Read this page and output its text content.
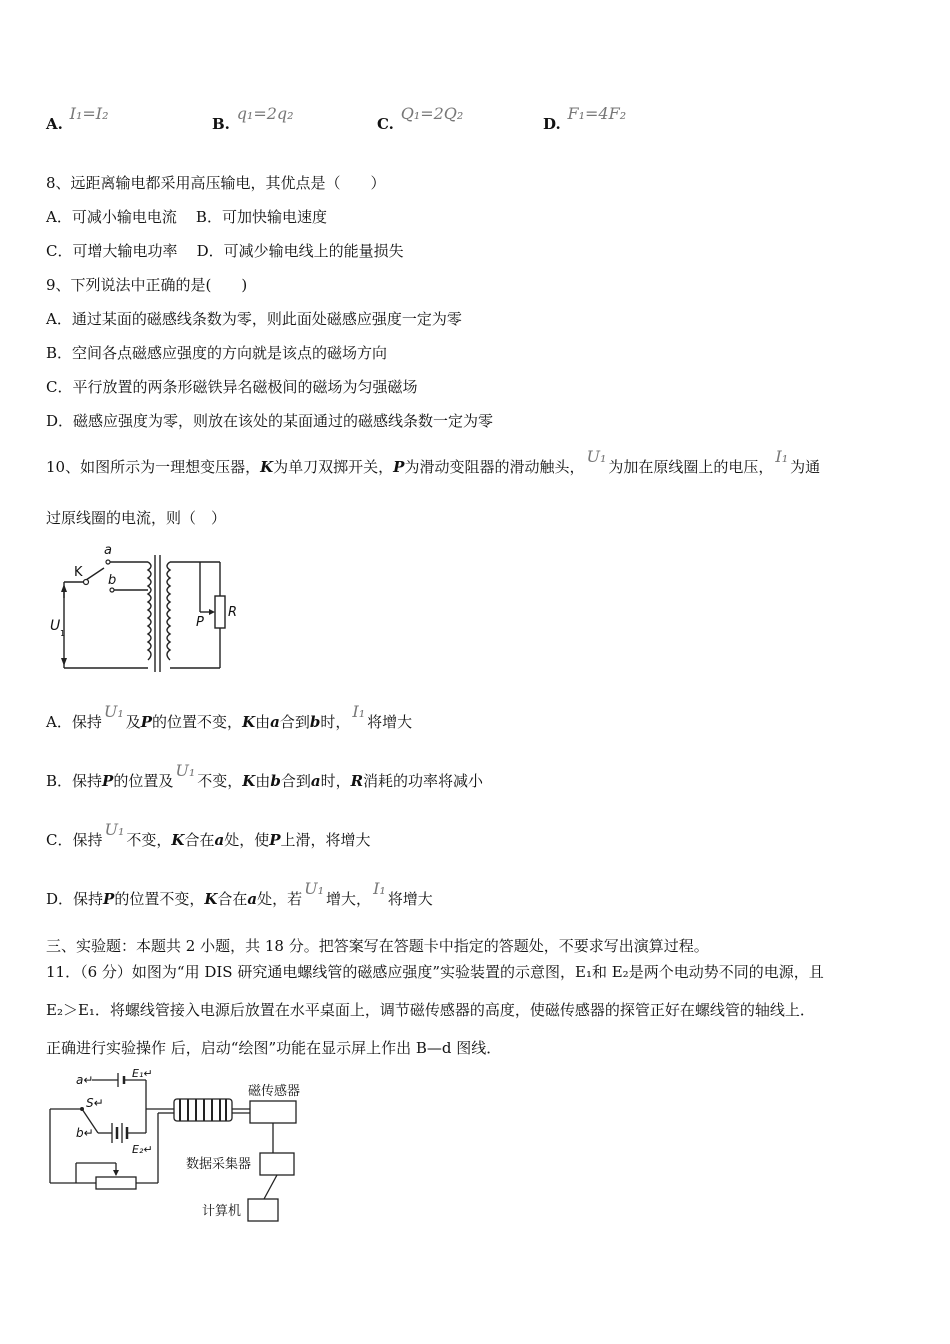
A. I₁=I₂
B. q₁=2q₂
C. Q₁=2Q₂
D. F₁=4F₂
8、远距离输电都采用高压输电，其优点是（　　）
A．可减小输电电流 B．可加快输电速度
C．可增大输电功率 D．可减少输电线上的能量损失
9、下列说法中正确的是(　　)
A．通过某面的磁感线条数为零，则此面处磁感应强度一定为零
B．空间各点磁感应强度的方向就是该点的磁场方向
C．平行放置的两条形磁铁异名磁极间的磁场为匀强磁场
D．磁感应强度为零，则放在该处的某面通过的磁感线条数一定为零
10、如图所示为一理想变压器，K为单刀双掷开关，P为滑动变阻器的滑动触头，U₁为加在原线圈上的电压，I₁为通
过原线圈的电流，则（　）
a
K
b
U 1
P
R
A．保持U₁及P的位置不变，K由a合到b时，I₁将增大
B．保持P的位置及U₁不变，K由b合到a时，R消耗的功率将减小
C．保持U₁不变，K合在a处，使P上滑，将增大
D．保持P的位置不变，K合在a处，若U₁增大，I₁将增大
三、实验题：本题共 2 小题，共 18 分。把答案写在答题卡中指定的答题处，不要求写出演算过程。
11．（6 分）如图为“用 DIS 研究通电螺线管的磁感应强度”实验装置的示意图，E₁和 E₂是两个电动势不同的电源，且
E₂＞E₁．将螺线管接入电源后放置在水平桌面上，调节磁传感器的高度，使磁传感器的探管正好在螺线管的轴线上．
正确进行实验操作 后，启动“绘图”功能在显示屏上作出 B—d 图线．
a↵	E₁↵
S↵
b↵
E₂↵
磁传感器
数据采集器
计算机
